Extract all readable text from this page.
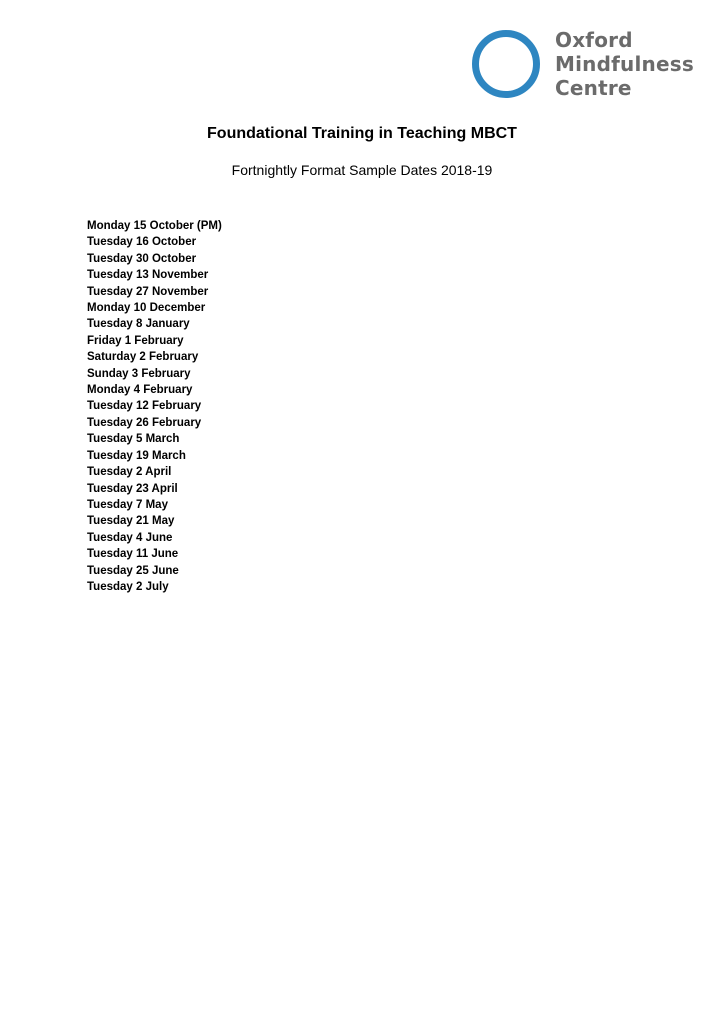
Oxford
Mindfulness
Centre
Foundational Training in Teaching MBCT
Fortnightly Format Sample Dates 2018-19
Monday 15 October (PM)
Tuesday 16 October
Tuesday 30 October
Tuesday 13 November
Tuesday 27 November
Monday 10 December
Tuesday 8 January
Friday 1 February
Saturday 2 February
Sunday 3 February
Monday 4 February
Tuesday 12 February
Tuesday 26 February
Tuesday 5 March
Tuesday 19 March
Tuesday 2 April
Tuesday 23 April
Tuesday 7 May
Tuesday 21 May
Tuesday 4 June
Tuesday 11 June
Tuesday 25 June
Tuesday 2 July
